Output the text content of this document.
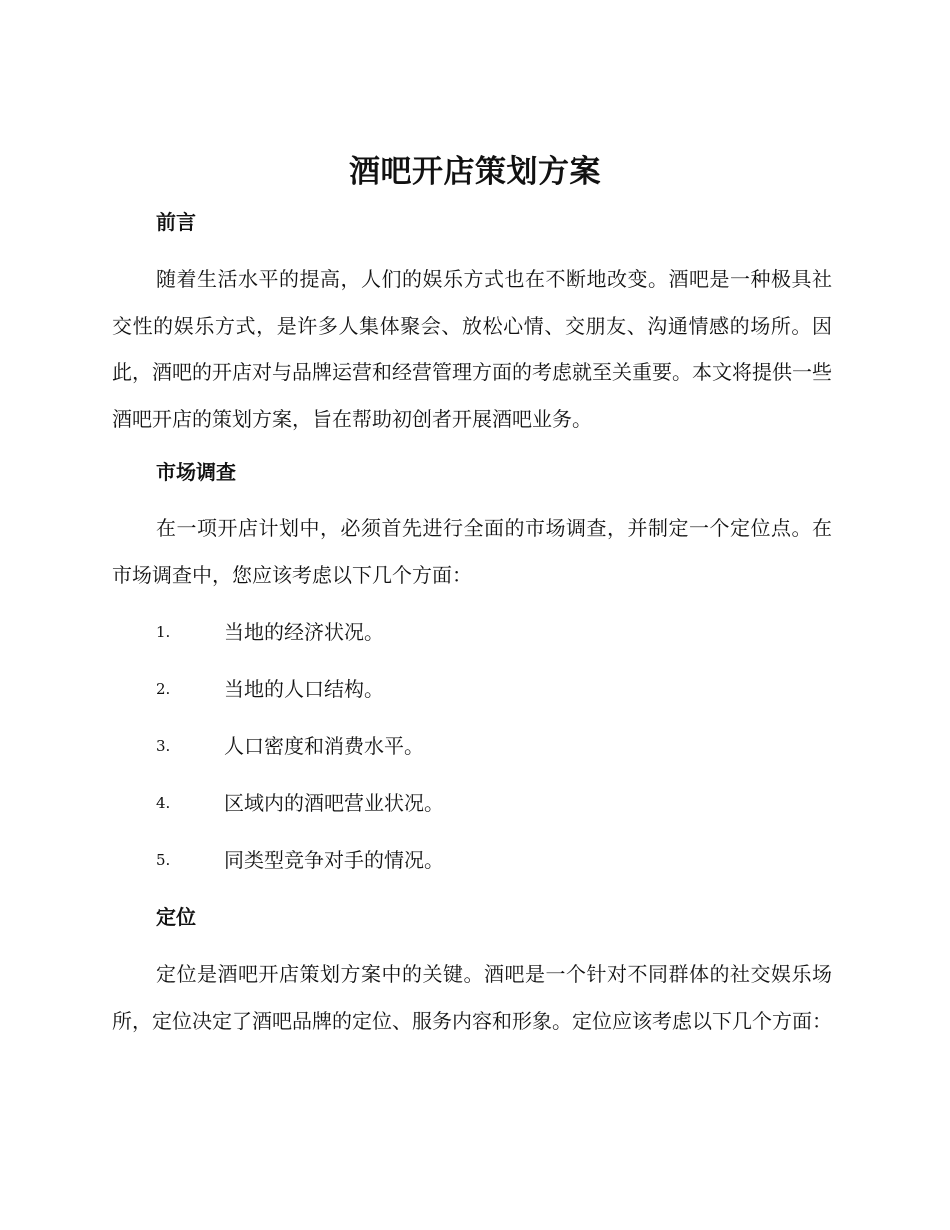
酒吧开店策划方案
前言
随着生活水平的提高，人们的娱乐方式也在不断地改变。酒吧是一种极具社交性的娱乐方式，是许多人集体聚会、放松心情、交朋友、沟通情感的场所。因此，酒吧的开店对与品牌运营和经营管理方面的考虑就至关重要。本文将提供一些酒吧开店的策划方案，旨在帮助初创者开展酒吧业务。
市场调查
在一项开店计划中，必须首先进行全面的市场调查，并制定一个定位点。在市场调查中，您应该考虑以下几个方面：
1.	当地的经济状况。
2.	当地的人口结构。
3.	人口密度和消费水平。
4.	区域内的酒吧营业状况。
5.	同类型竞争对手的情况。
定位
定位是酒吧开店策划方案中的关键。酒吧是一个针对不同群体的社交娱乐场所，定位决定了酒吧品牌的定位、服务内容和形象。定位应该考虑以下几个方面：
